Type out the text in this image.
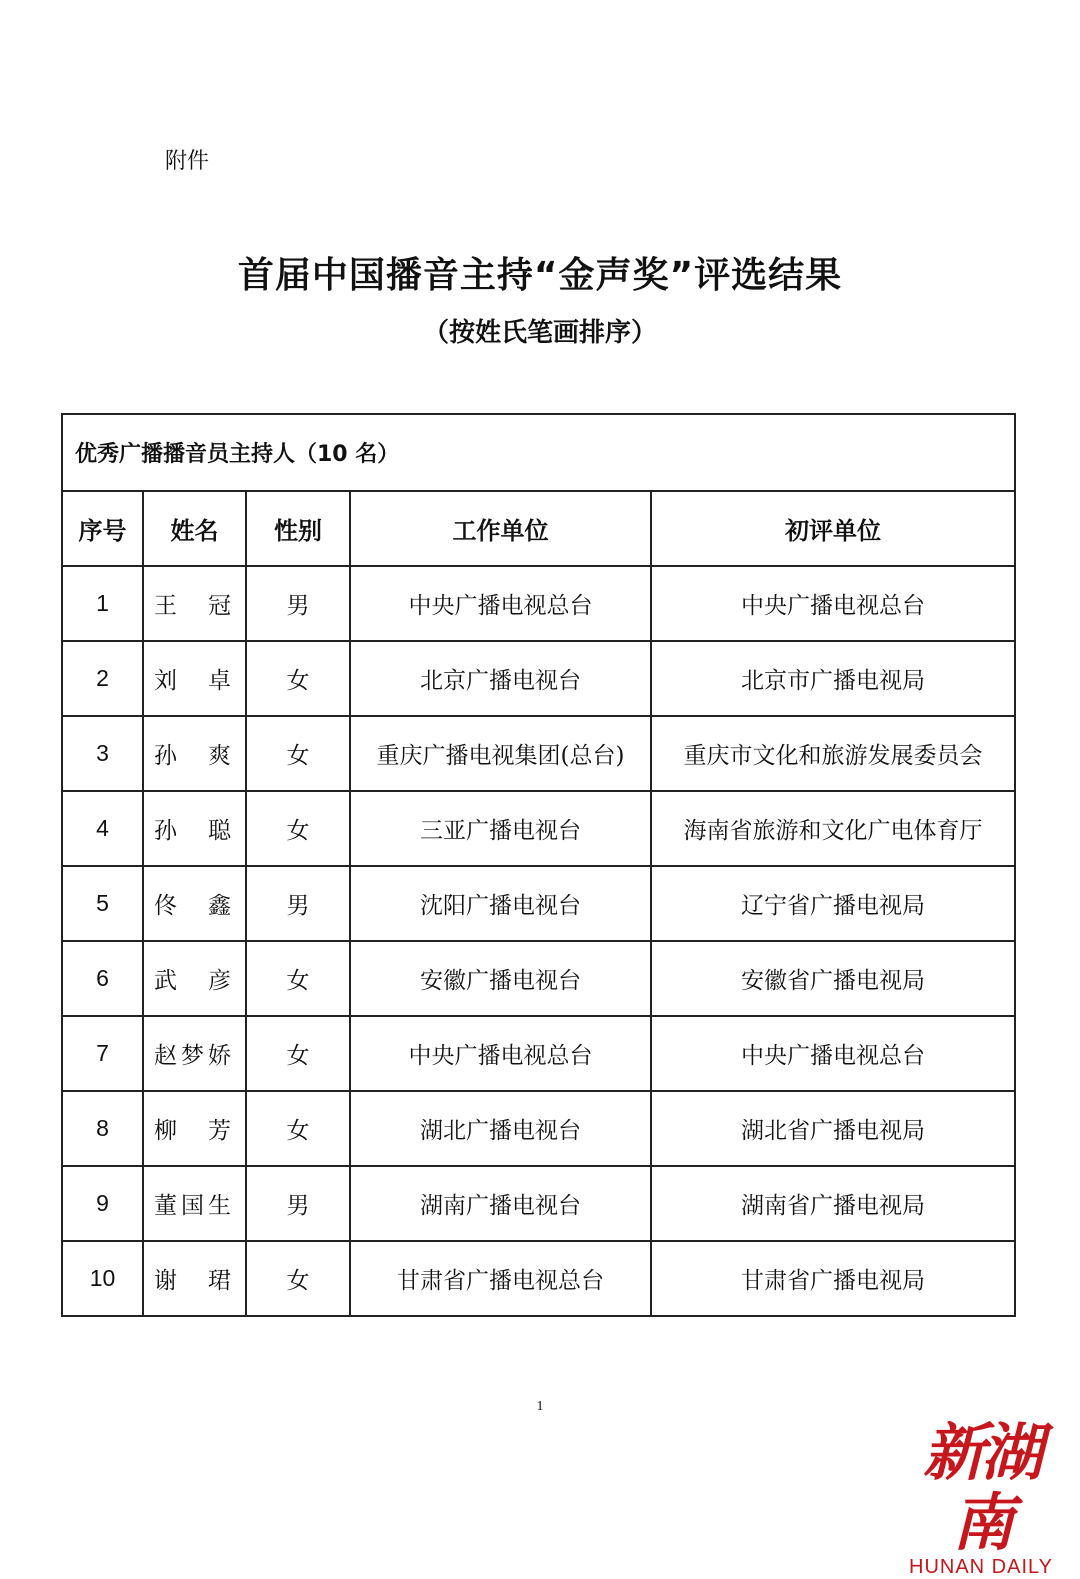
附件
首届中国播音主持“金声奖”评选结果
（按姓氏笔画排序）
优秀广播播音员主持人（10 名）				
序号	姓名	性别	工作单位	初评单位
1	王　冠	男	中央广播电视总台	中央广播电视总台
2	刘　卓	女	北京广播电视台	北京市广播电视局
3	孙　爽	女	重庆广播电视集团(总台)	重庆市文化和旅游发展委员会
4	孙　聪	女	三亚广播电视台	海南省旅游和文化广电体育厅
5	佟　鑫	男	沈阳广播电视台	辽宁省广播电视局
6	武　彦	女	安徽广播电视台	安徽省广播电视局
7	赵梦娇	女	中央广播电视总台	中央广播电视总台
8	柳　芳	女	湖北广播电视台	湖北省广播电视局
9	董国生	男	湖南广播电视台	湖南省广播电视局
10	谢　珺	女	甘肃省广播电视总台	甘肃省广播电视局
1
新湖南
HUNAN DAILY
